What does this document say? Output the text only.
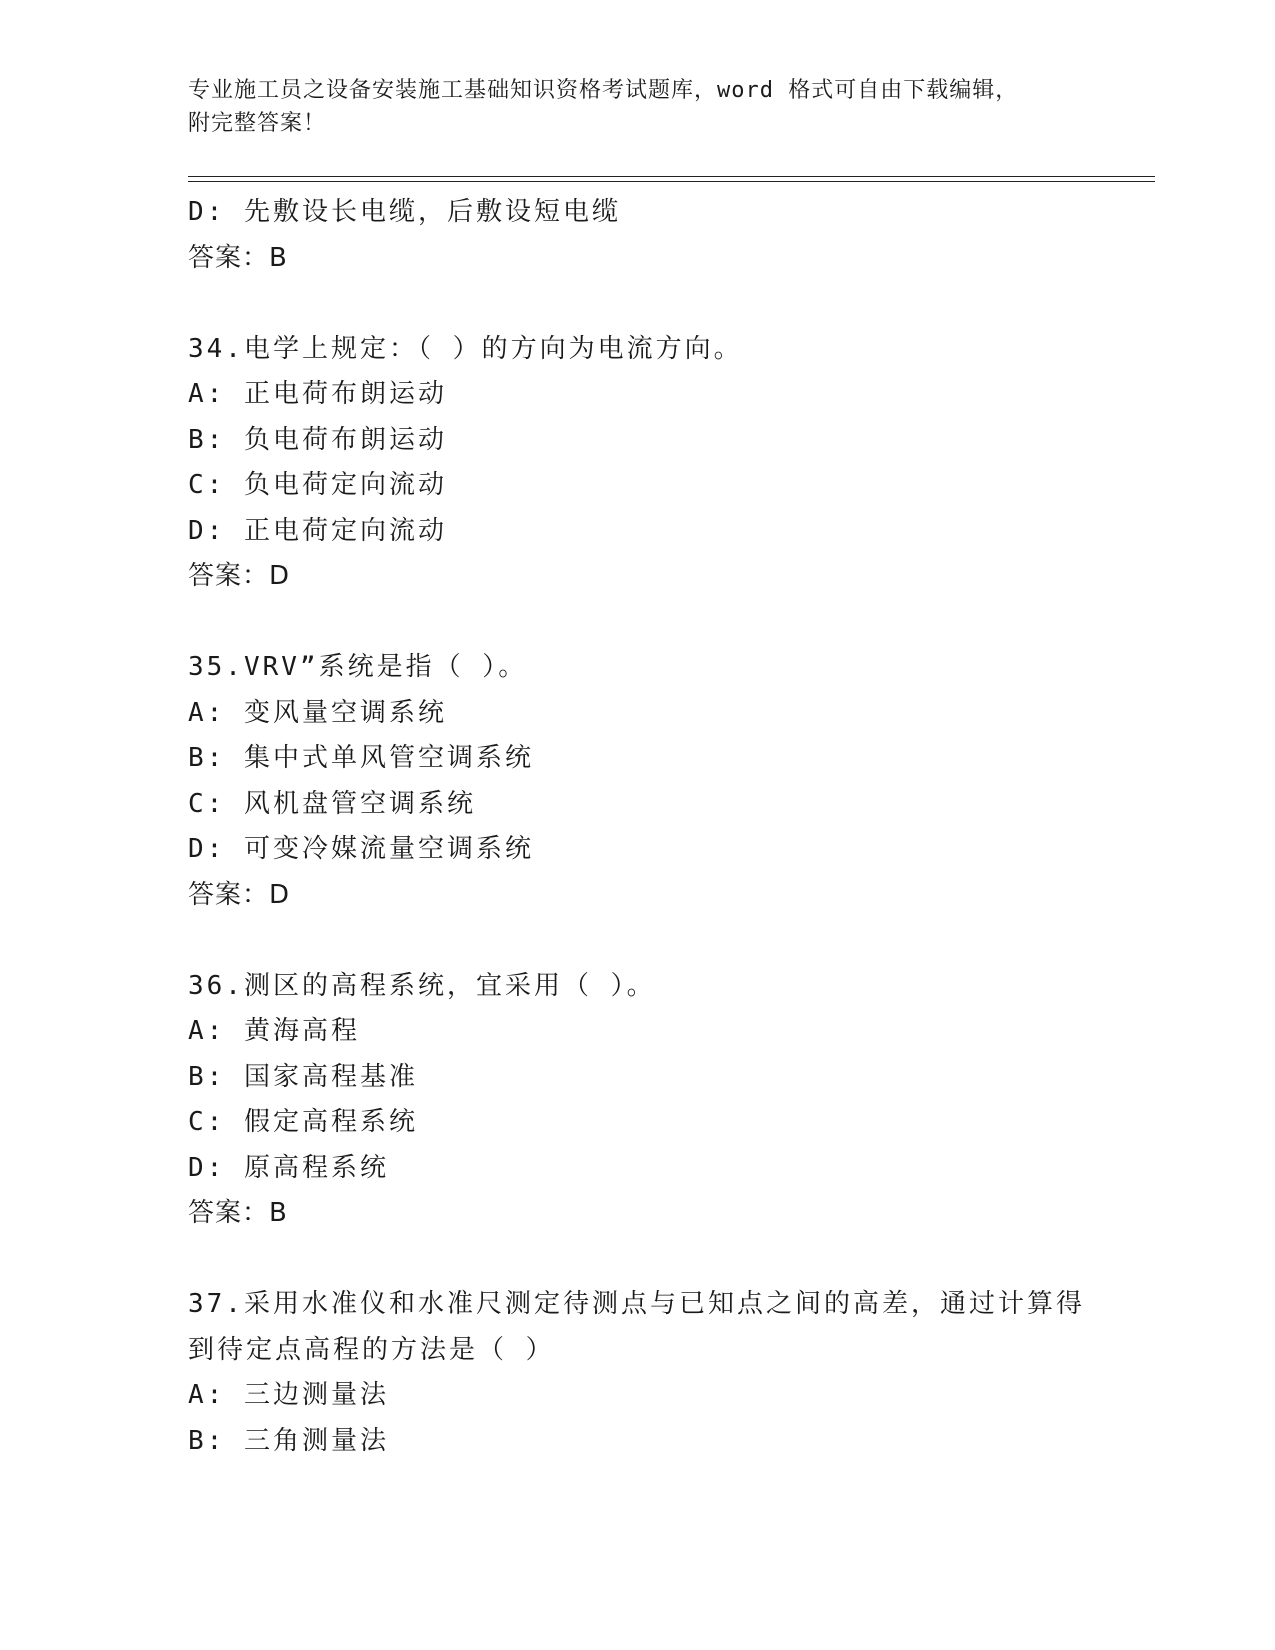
专业施工员之设备安装施工基础知识资格考试题库，word 格式可自由下载编辑，
附完整答案！
D: 先敷设长电缆，后敷设短电缆
答案：B
34.电学上规定：（ ）的方向为电流方向。
A: 正电荷布朗运动
B: 负电荷布朗运动
C: 负电荷定向流动
D: 正电荷定向流动
答案：D
35.VRV”系统是指（ ）。
A: 变风量空调系统
B: 集中式单风管空调系统
C: 风机盘管空调系统
D: 可变冷媒流量空调系统
答案：D
36.测区的高程系统，宜采用（ ）。
A: 黄海高程
B: 国家高程基准
C: 假定高程系统
D: 原高程系统
答案：B
37.采用水准仪和水准尺测定待测点与已知点之间的高差，通过计算得
到待定点高程的方法是（ ）
A: 三边测量法
B: 三角测量法
